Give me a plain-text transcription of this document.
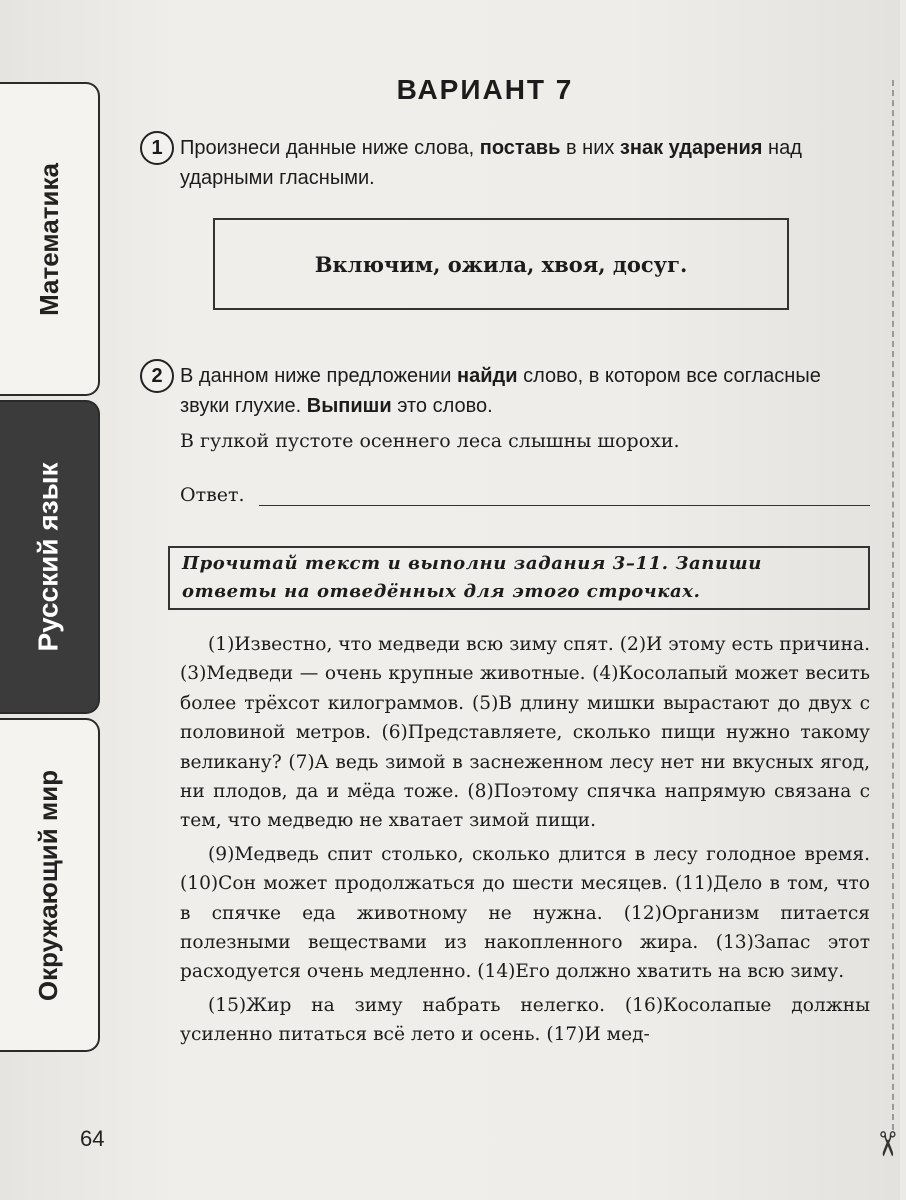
Математика
Русский язык
Окружающий мир
✂
ВАРИАНТ 7
1 Произнеси данные ниже слова, поставь в них знак ударения над ударными гласными.
Включим, ожила, хвоя, досуг.
2 В данном ниже предложении найди слово, в котором все согласные звуки глухие. Выпиши это слово.
В гулкой пустоте осеннего леса слышны шорохи.
Ответ.
Прочитай текст и выполни задания 3–11. Запиши ответы на отведённых для этого строчках.

(1)Известно, что медведи всю зиму спят. (2)И этому есть причина. (3)Медведи — очень крупные животные. (4)Косолапый может весить более трёхсот килограммов. (5)В длину мишки вырастают до двух с половиной метров. (6)Представляете, сколько пищи нужно такому великану? (7)А ведь зимой в заснеженном лесу нет ни вкусных ягод, ни плодов, да и мёда тоже. (8)Поэтому спячка напрямую связана с тем, что медведю не хватает зимой пищи.

(9)Медведь спит столько, сколько длится в лесу голодное время. (10)Сон может продолжаться до шести месяцев. (11)Дело в том, что в спячке еда животному не нужна. (12)Организм питается полезными веществами из накопленного жира. (13)Запас этот расходуется очень медленно. (14)Его должно хватить на всю зиму.

(15)Жир на зиму набрать нелегко. (16)Косолапые должны усиленно питаться всё лето и осень. (17)И мед-

64
